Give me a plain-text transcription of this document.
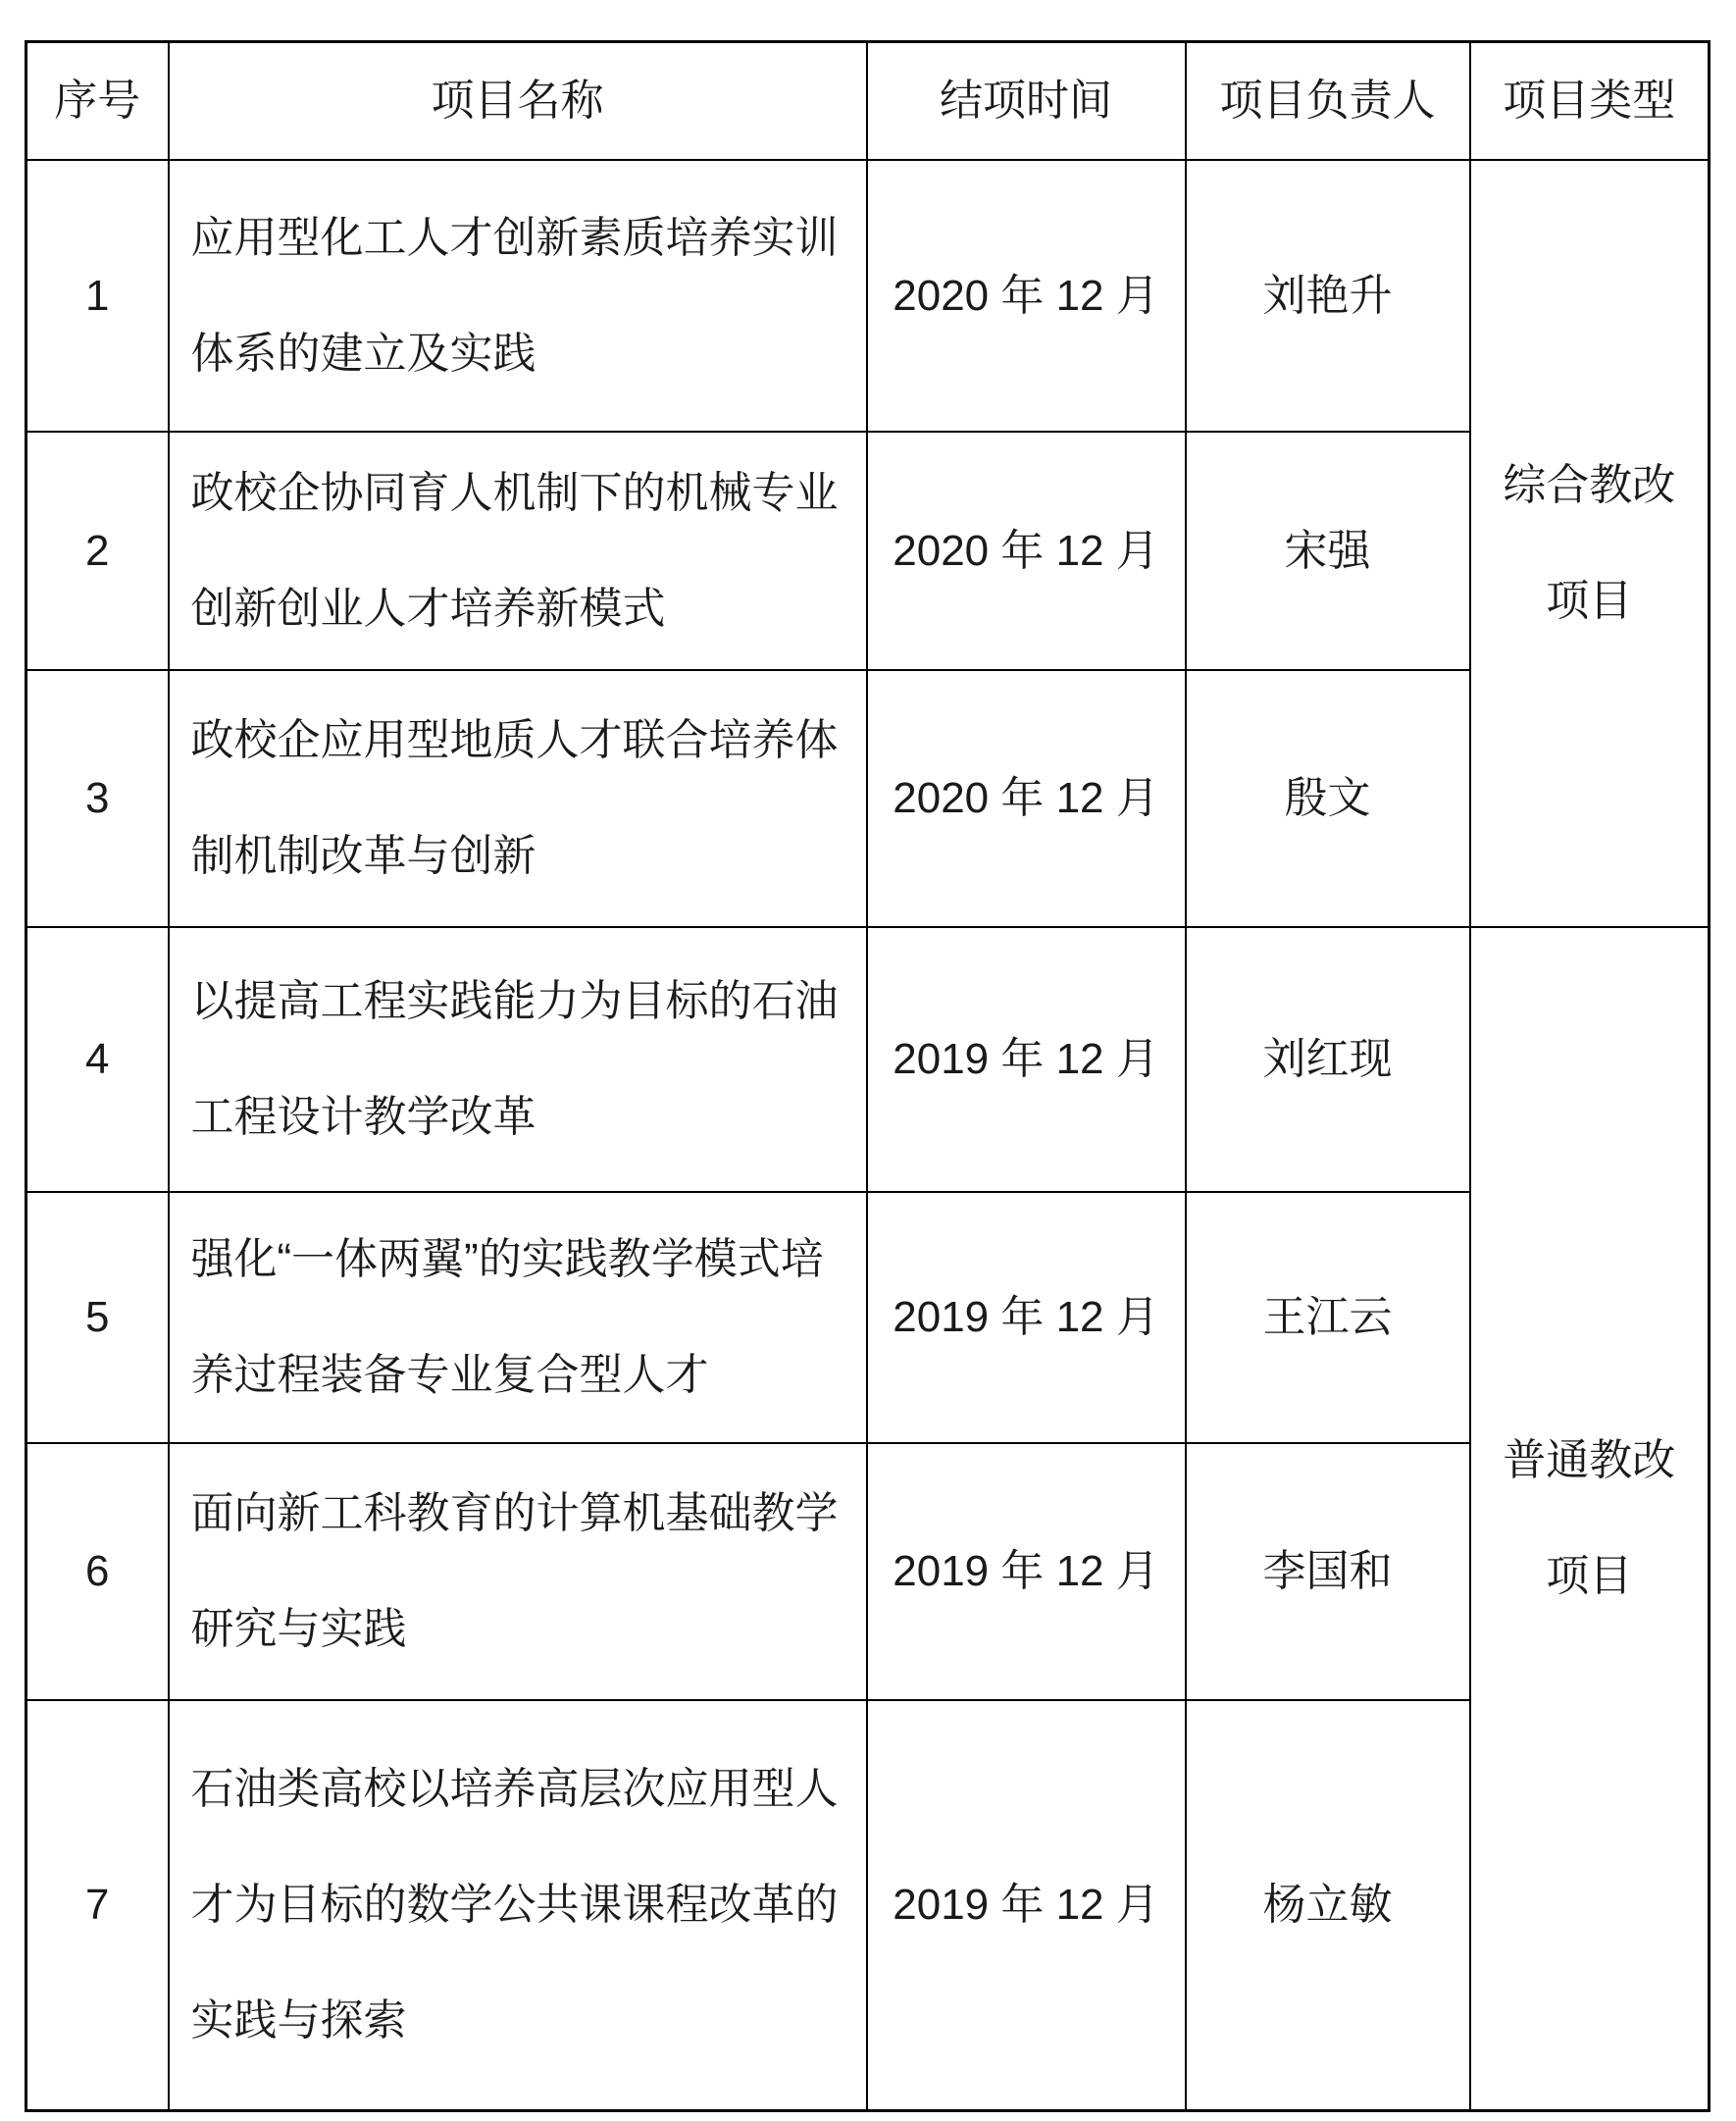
序号	项目名称	结项时间	项目负责人	项目类型
1	应用型化工人才创新素质培养实训体系的建立及实践	2020 年 12 月	刘艳升	综合教改项目
2	政校企协同育人机制下的机械专业创新创业人才培养新模式	2020 年 12 月	宋强	
3	政校企应用型地质人才联合培养体制机制改革与创新	2020 年 12 月	殷文	
4	以提高工程实践能力为目标的石油工程设计教学改革	2019 年 12 月	刘红现	普通教改项目
5	强化“一体两翼”的实践教学模式培养过程装备专业复合型人才	2019 年 12 月	王江云	
6	面向新工科教育的计算机基础教学研究与实践	2019 年 12 月	李国和	
7	石油类高校以培养高层次应用型人才为目标的数学公共课课程改革的实践与探索	2019 年 12 月	杨立敏	
